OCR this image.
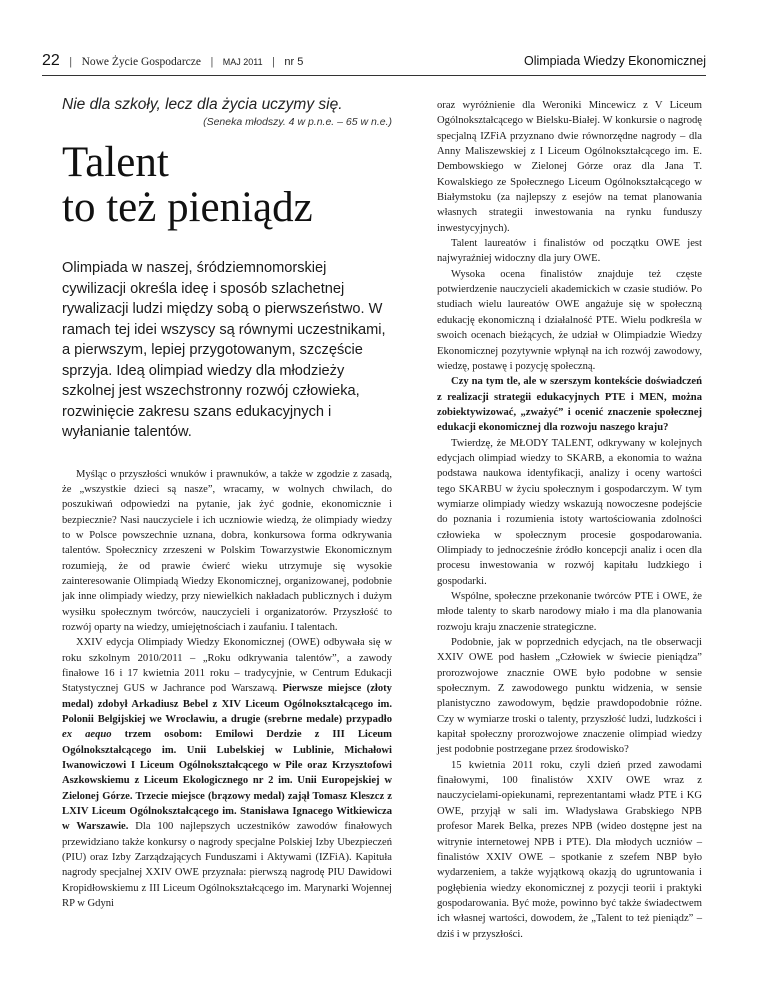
22 | Nowe Życie Gospodarcze | MAJ 2011 | nr 5	Olimpiada Wiedzy Ekonomicznej

Nie dla szkoły, lecz dla życia uczymy się.

(Seneka młodszy. 4 w p.n.e. – 65 w n.e.)

Talent
to też pieniądz

Olimpiada w naszej, śródziemnomorskiej cywilizacji określa ideę i sposób szlachetnej rywalizacji ludzi między sobą o pierwszeństwo. W ramach tej idei wszyscy są równymi uczestnikami, a pierwszym, lepiej przygotowanym, szczęście sprzyja. Ideą olimpiad wiedzy dla młodzieży szkolnej jest wszechstronny rozwój człowieka, rozwinięcie zakresu szans edukacyjnych i wyłanianie talentów.

Myśląc o przyszłości wnuków i prawnuków, a także w zgodzie z zasadą, że „wszystkie dzieci są nasze”, wracamy, w wolnych chwilach, do poszukiwań odpowiedzi na pytanie, jak żyć godnie, ekonomicznie i bezpiecznie? Nasi nauczyciele i ich uczniowie wiedzą, że olimpiady wiedzy to w Polsce powszechnie uznana, dobra, konkursowa forma odkrywania talentów. Społecznicy zrzeszeni w Polskim Towarzystwie Ekonomicznym rozumieją, że od prawie ćwierć wieku utrzymuje się wysokie zainteresowanie Olimpiadą Wiedzy Ekonomicznej, organizowanej, podobnie jak inne olimpiady wiedzy, przy niewielkich nakładach publicznych i dużym wysiłku społecznym twórców, nauczycieli i organizatorów. Przyszłość to rozwój oparty na wiedzy, umiejętnościach i zaufaniu. I talentach.

XXIV edycja Olimpiady Wiedzy Ekonomicznej (OWE) odbywała się w roku szkolnym 2010/2011 – „Roku odkrywania talentów”, a zawody finałowe 16 i 17 kwietnia 2011 roku – tradycyjnie, w Centrum Edukacji Statystycznej GUS w Jachrance pod Warszawą. Pierwsze miejsce (złoty medal) zdobył Arkadiusz Bebel z XIV Liceum Ogólnokształcącego im. Polonii Belgijskiej we Wrocławiu, a drugie (srebrne medale) przypadło ex aequo trzem osobom: Emilowi Derdzie z III Liceum Ogólnokształcącego im. Unii Lubelskiej w Lublinie, Michałowi Iwanowiczowi I Liceum Ogólnokształcącego w Pile oraz Krzysztofowi Aszkowskiemu z Liceum Ekologicznego nr 2 im. Unii Europejskiej w Zielonej Górze. Trzecie miejsce (brązowy medal) zajął Tomasz Kleszcz z LXIV Liceum Ogólnokształcącego im. Stanisława Ignacego Witkiewicza w Warszawie. Dla 100 najlepszych uczestników zawodów finałowych przewidziano także konkursy o nagrody specjalne Polskiej Izby Ubezpieczeń (PIU) oraz Izby Zarządzających Funduszami i Aktywami (IZFiA). Kapituła nagrody specjalnej XXIV OWE przyznała: pierwszą nagrodę PIU Dawidowi Kropidłowskiemu z III Liceum Ogólnokształcącego im. Marynarki Wojennej RP w Gdyni

oraz wyróżnienie dla Weroniki Mincewicz z V Liceum Ogólnokształcącego w Bielsku-Białej. W konkursie o nagrodę specjalną IZFiA przyznano dwie równorzędne nagrody – dla Anny Maliszewskiej z I Liceum Ogólnokształcącego im. E. Dembowskiego w Zielonej Górze oraz dla Jana T. Kowalskiego ze Społecznego Liceum Ogólnokształcącego w Białymstoku (za najlepszy z esejów na temat planowania własnych strategii inwestowania na rynku funduszy inwestycyjnych).

Talent laureatów i finalistów od początku OWE jest najwyraźniej widoczny dla jury OWE.

Wysoka ocena finalistów znajduje też częste potwierdzenie nauczycieli akademickich w czasie studiów. Po studiach wielu laureatów OWE angażuje się w społeczną edukację ekonomiczną i działalność PTE. Wielu podkreśla w swoich ocenach bieżących, że udział w Olimpiadzie Wiedzy Ekonomicznej pozytywnie wpłynął na ich rozwój zawodowy, wiedzę, postawę i pozycję społeczną.

Czy na tym tle, ale w szerszym kontekście doświadczeń z realizacji strategii edukacyjnych PTE i MEN, można zobiektywizować, „zważyć” i ocenić znaczenie społecznej edukacji ekonomicznej dla rozwoju naszego kraju?

Twierdzę, że MŁODY TALENT, odkrywany w kolejnych edycjach olimpiad wiedzy to SKARB, a ekonomia to ważna podstawa naukowa identyfikacji, analizy i oceny wartości tego SKARBU w życiu społecznym i gospodarczym. W tym wymiarze olimpiady wiedzy wskazują nowoczesne podejście do poznania i rozumienia istoty wartościowania zdolności człowieka w społecznym procesie gospodarowania. Olimpiady to jednocześnie źródło koncepcji analiz i ocen dla procesu inwestowania w rozwój kapitału ludzkiego i gospodarki.

Wspólne, społeczne przekonanie twórców PTE i OWE, że młode talenty to skarb narodowy miało i ma dla planowania rozwoju kraju znaczenie strategiczne.

Podobnie, jak w poprzednich edycjach, na tle obserwacji XXIV OWE pod hasłem „Człowiek w świecie pieniądza” prorozwojowe znacznie OWE było podobne w sensie społecznym. Z zawodowego punktu widzenia, w sensie planistyczno zawodowym, będzie prawdopodobnie różne. Czy w wymiarze troski o talenty, przyszłość ludzi, ludzkości i kapitał społeczny prorozwojowe znaczenie olimpiad wiedzy jest podobnie postrzegane przez środowisko?

15 kwietnia 2011 roku, czyli dzień przed zawodami finałowymi, 100 finalistów XXIV OWE wraz z nauczycielami-opiekunami, reprezentantami władz PTE i KG OWE, przyjął w sali im. Władysława Grabskiego NPB profesor Marek Belka, prezes NPB (wideo dostępne jest na witrynie internetowej NPB i PTE). Dla młodych uczniów – finalistów XXIV OWE – spotkanie z szefem NBP było wydarzeniem, a także wyjątkową okazją do ugruntowania i pogłębienia wiedzy ekonomicznej z pozycji teorii i praktyki gospodarowania. Być może, powinno być także świadectwem ich własnej wartości, dowodem, że „Talent to też pieniądz” – dziś i w przyszłości.
